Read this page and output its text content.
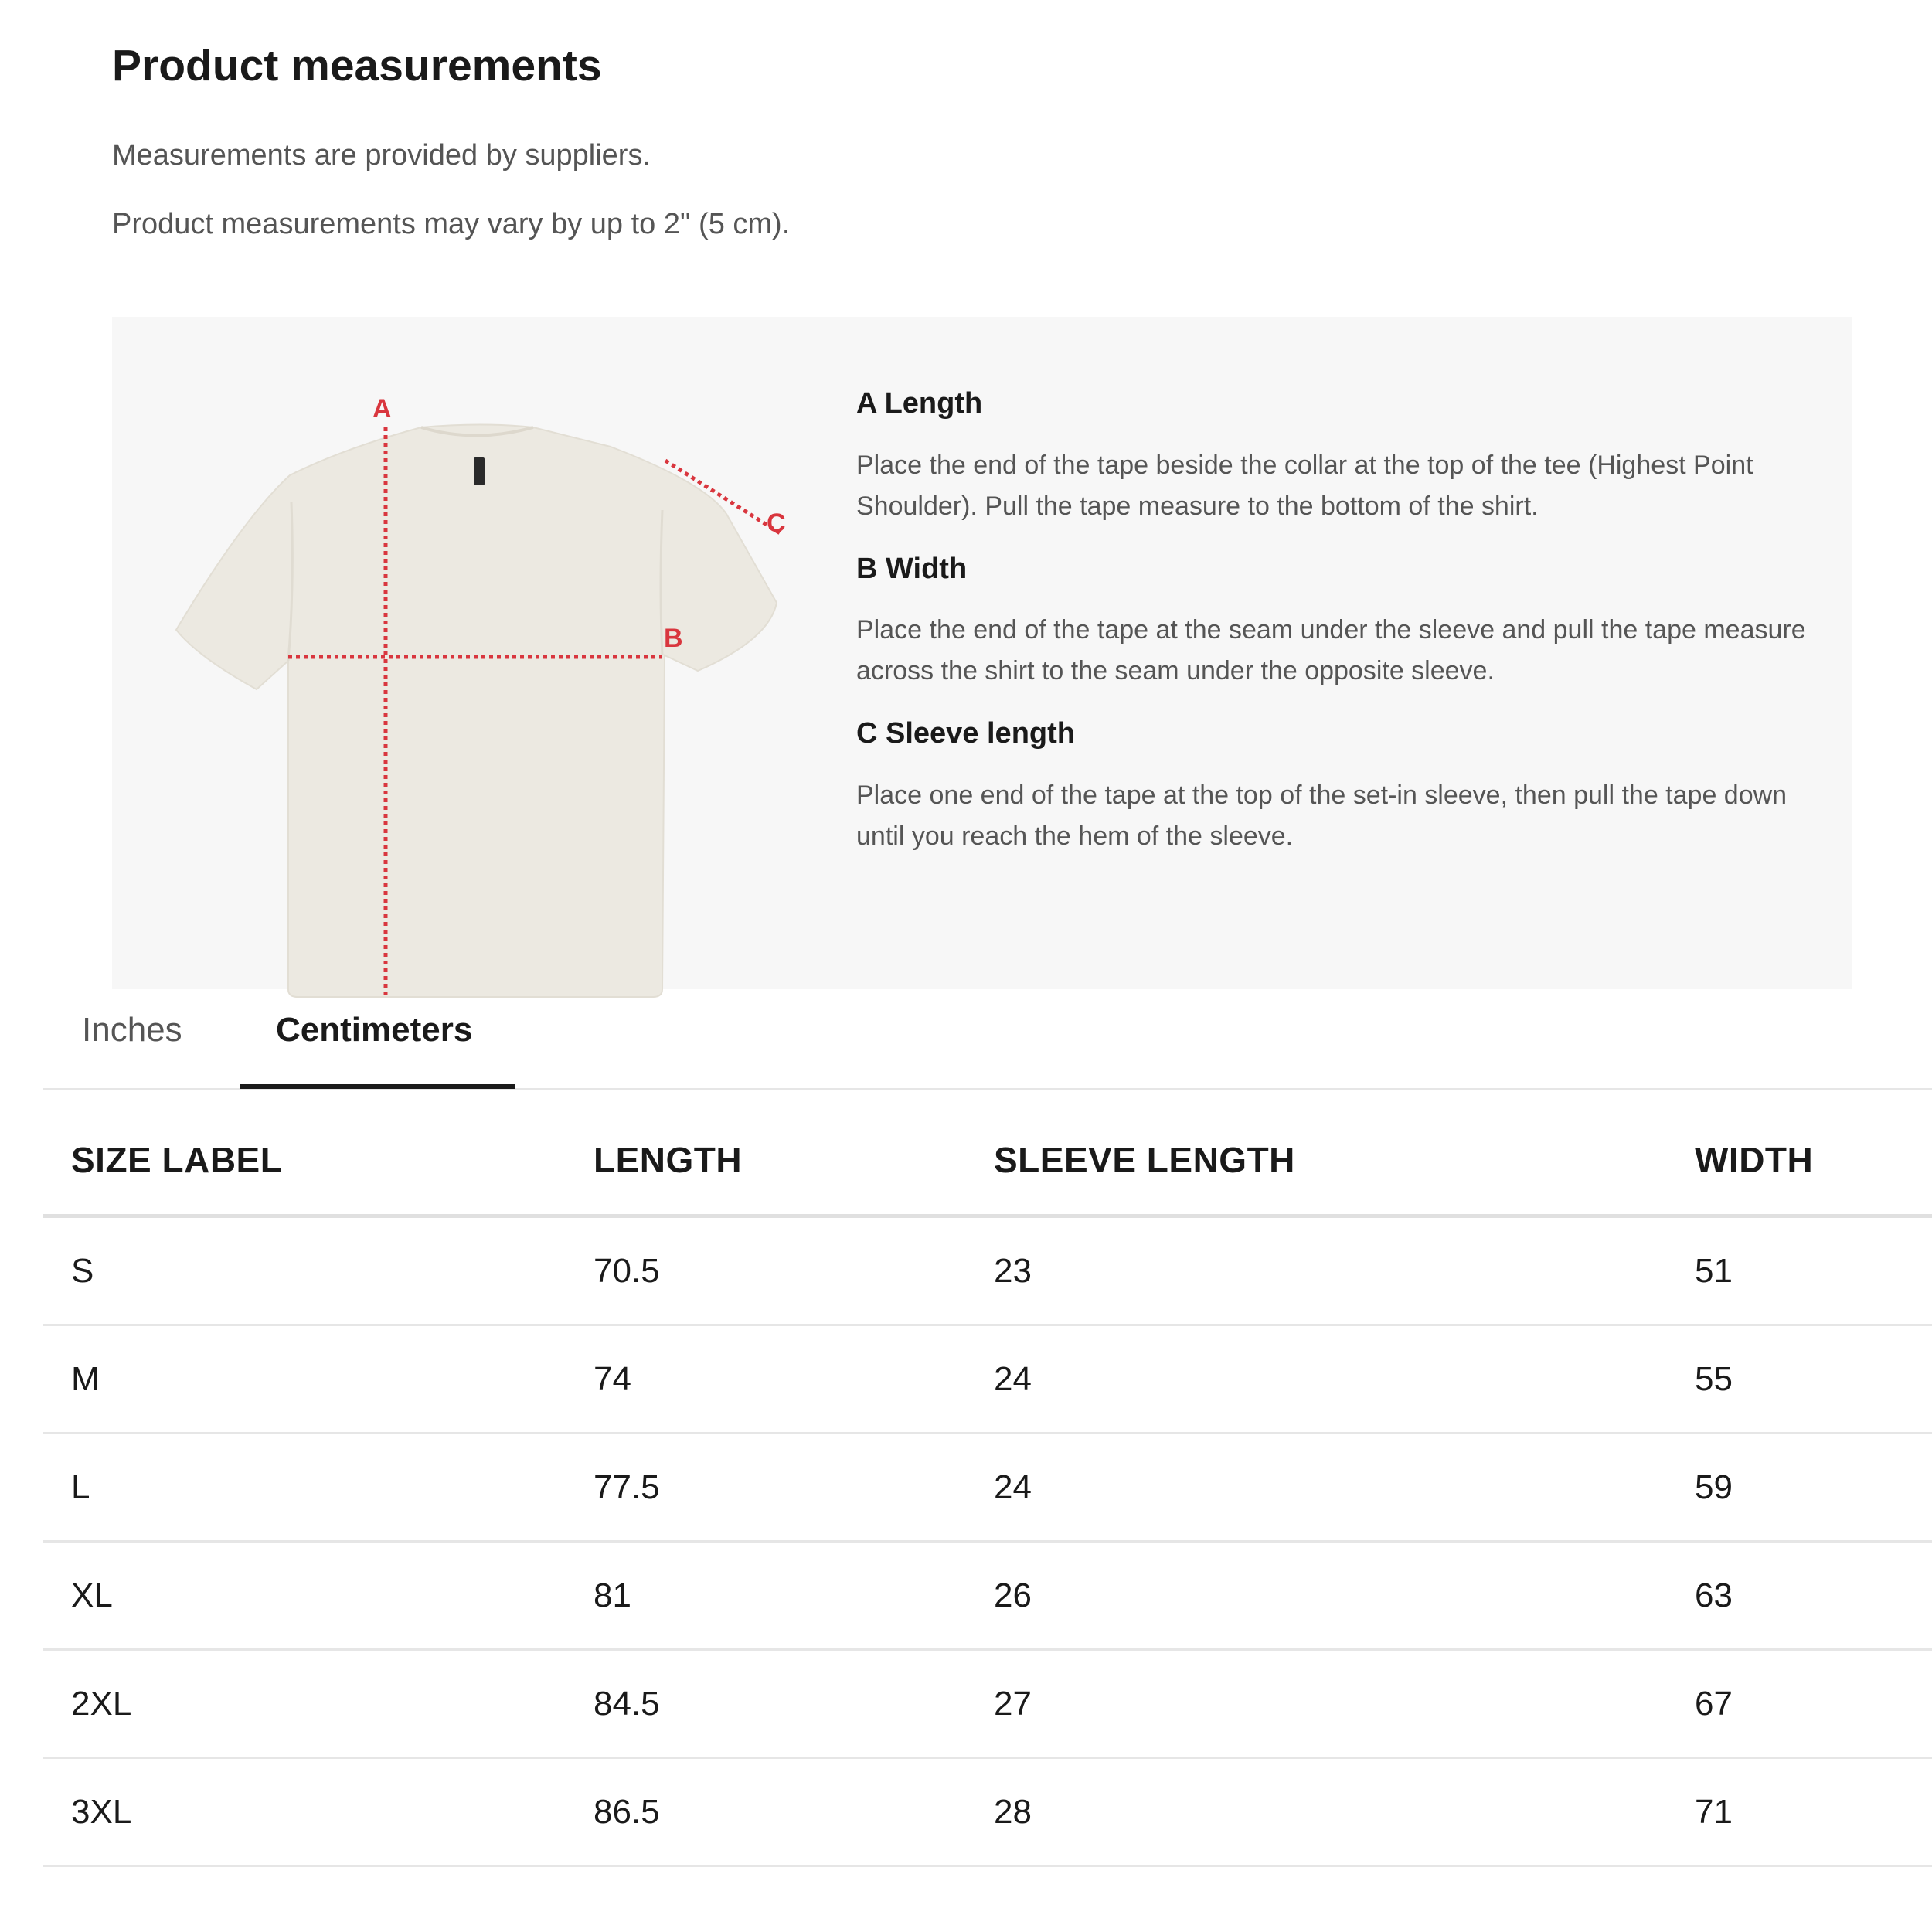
Product measurements
Measurements are provided by suppliers.
Product measurements may vary by up to 2" (5 cm).
A
B
C
A Length
Place the end of the tape beside the collar at the top of the tee (Highest Point Shoulder). Pull the tape measure to the bottom of the shirt.
B Width
Place the end of the tape at the seam under the sleeve and pull the tape measure across the shirt to the seam under the opposite sleeve.
C Sleeve length
Place one end of the tape at the top of the set-in sleeve, then pull the tape down until you reach the hem of the sleeve.
Inches	Centimeters
SIZE LABEL	LENGTH	SLEEVE LENGTH	WIDTH
S	70.5	23	51
M	74	24	55
L	77.5	24	59
XL	81	26	63
2XL	84.5	27	67
3XL	86.5	28	71
